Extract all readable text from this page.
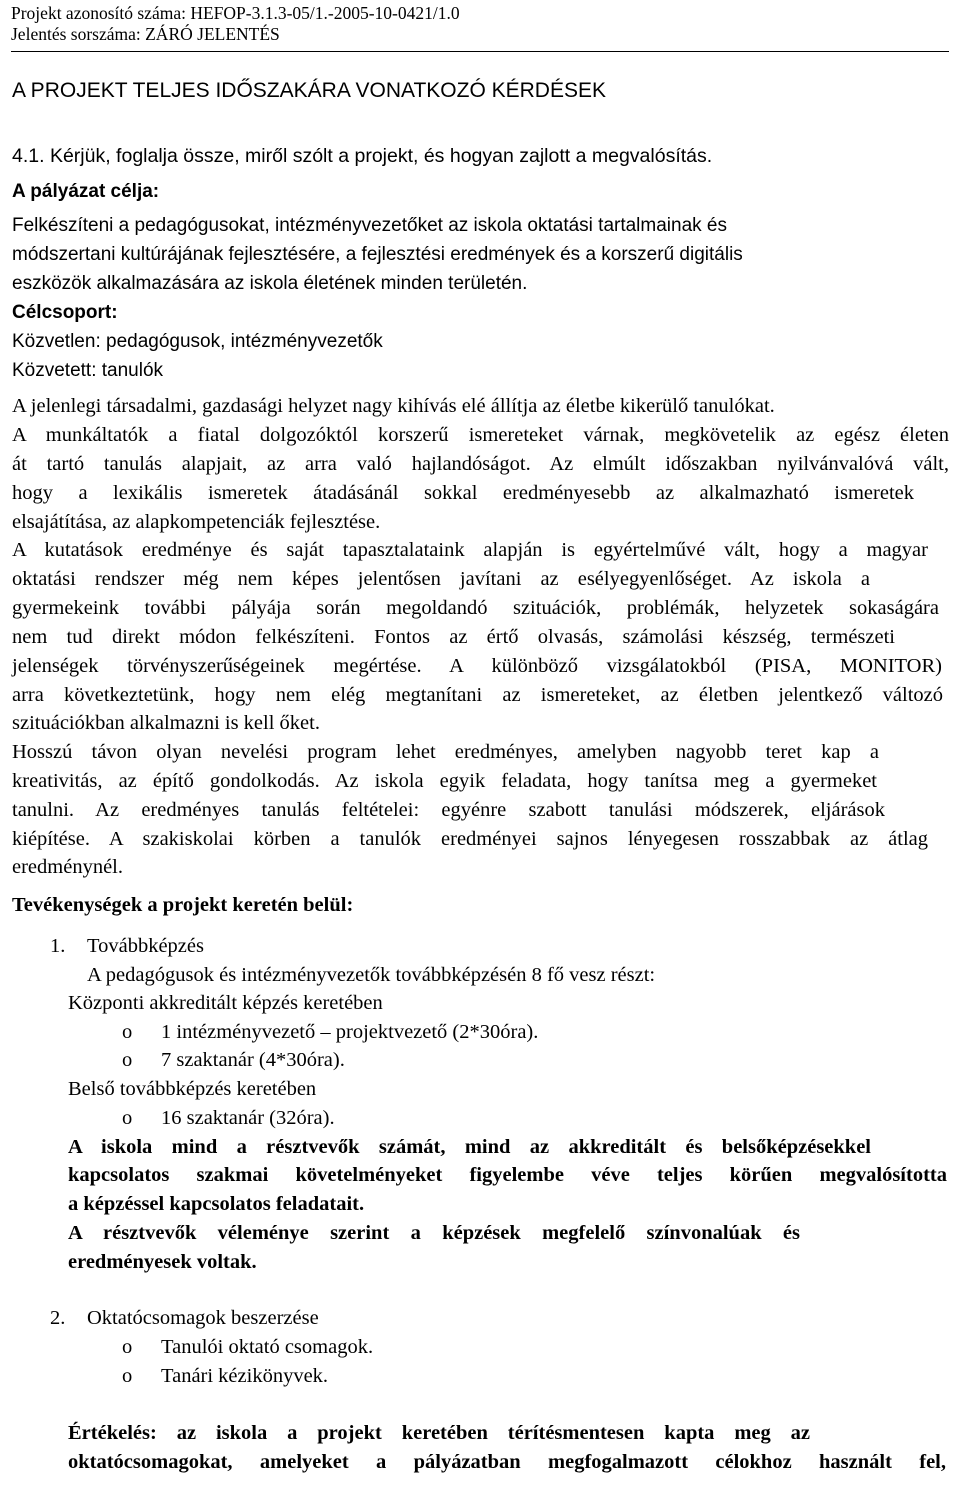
Projekt azonosító száma: HEFOP-3.1.3-05/1.-2005-10-0421/1.0
Jelentés sorszáma: ZÁRÓ JELENTÉS
A PROJEKT TELJES IDŐSZAKÁRA VONATKOZÓ KÉRDÉSEK
4.1. Kérjük, foglalja össze, miről szólt a projekt, és hogyan zajlott a megvalósítás.
A pályázat célja:
Felkészíteni a pedagógusokat, intézményvezetőket az iskola oktatási tartalmainak és
módszertani kultúrájának fejlesztésére, a fejlesztési eredmények és a korszerű digitális
eszközök alkalmazására az iskola életének minden területén.
Célcsoport:
Közvetlen: pedagógusok, intézményvezetők
Közvetett: tanulók
A jelenlegi társadalmi, gazdasági helyzet nagy kihívás elé állítja az életbe kikerülő tanulókat.
A munkáltatók a fiatal dolgozóktól korszerű ismereteket várnak, megkövetelik az egész életen
át tartó tanulás alapjait, az arra való hajlandóságot. Az elmúlt időszakban nyilvánvalóvá vált,
hogy a lexikális ismeretek átadásánál sokkal eredményesebb az alkalmazható ismeretek
elsajátítása, az alapkompetenciák fejlesztése.
A kutatások eredménye és saját tapasztalataink alapján is egyértelművé vált, hogy a magyar
oktatási rendszer még nem képes jelentősen javítani az esélyegyenlőséget. Az iskola a
gyermekeink további pályája során megoldandó szituációk, problémák, helyzetek sokaságára
nem tud direkt módon felkészíteni. Fontos az értő olvasás, számolási készség, természeti
jelenségek törvényszerűségeinek megértése. A különböző vizsgálatokból (PISA, MONITOR)
arra következtetünk, hogy nem elég megtanítani az ismereteket, az életben jelentkező változó
szituációkban alkalmazni is kell őket.
Hosszú távon olyan nevelési program lehet eredményes, amelyben nagyobb teret kap a
kreativitás, az építő gondolkodás. Az iskola egyik feladata, hogy tanítsa meg a gyermeket
tanulni. Az eredményes tanulás feltételei: egyénre szabott tanulási módszerek, eljárások
kiépítése. A szakiskolai körben a tanulók eredményei sajnos lényegesen rosszabbak az átlag
eredménynél.
Tevékenységek a projekt keretén belül:
1. Továbbképzés
A pedagógusok és intézményvezetők továbbképzésén 8 fő vesz részt:
Központi akkreditált képzés keretében
o 1 intézményvezető – projektvezető (2*30óra).
o 7 szaktanár (4*30óra).
Belső továbbképzés keretében
o 16 szaktanár (32óra).
A iskola mind a résztvevők számát, mind az akkreditált és belsőképzésekkel
kapcsolatos szakmai követelményeket figyelembe véve teljes körűen megvalósította
a képzéssel kapcsolatos feladatait.
A résztvevők véleménye szerint a képzések megfelelő színvonalúak és
eredményesek voltak.
2. Oktatócsomagok beszerzése
o Tanulói oktató csomagok.
o Tanári kézikönyvek.
Értékelés: az iskola a projekt keretében térítésmentesen kapta meg az
oktatócsomagokat, amelyeket a pályázatban megfogalmazott célokhoz használt fel,
